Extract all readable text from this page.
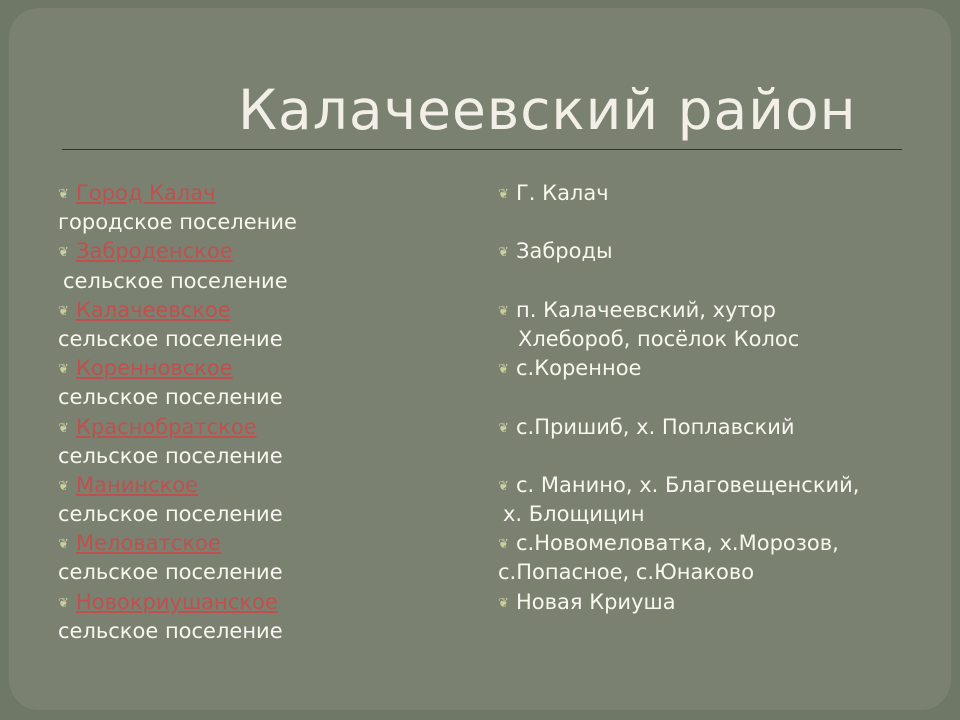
Калачеевский район
❦ Город Калач
городское поселение
❦ Заброденское
сельское поселение
❦ Калачеевское
сельское поселение
❦ Коренновское
сельское поселение
❦ Краснобратское
сельское поселение
❦ Манинское
сельское поселение
❦ Меловатское
сельское поселение
❦ Новокриушанское
сельское поселение
❦ Г. Калач
❦ Заброды
❦ п. Калачеевский, хутор
Хлебороб, посёлок Колос
❦ с.Коренное
❦ с.Пришиб, х. Поплавский
❦ с. Манино, х. Благовещенский,
х. Блощицин
❦ с.Новомеловатка, х.Морозов,
с.Попасное, с.Юнаково
❦ Новая Криуша
